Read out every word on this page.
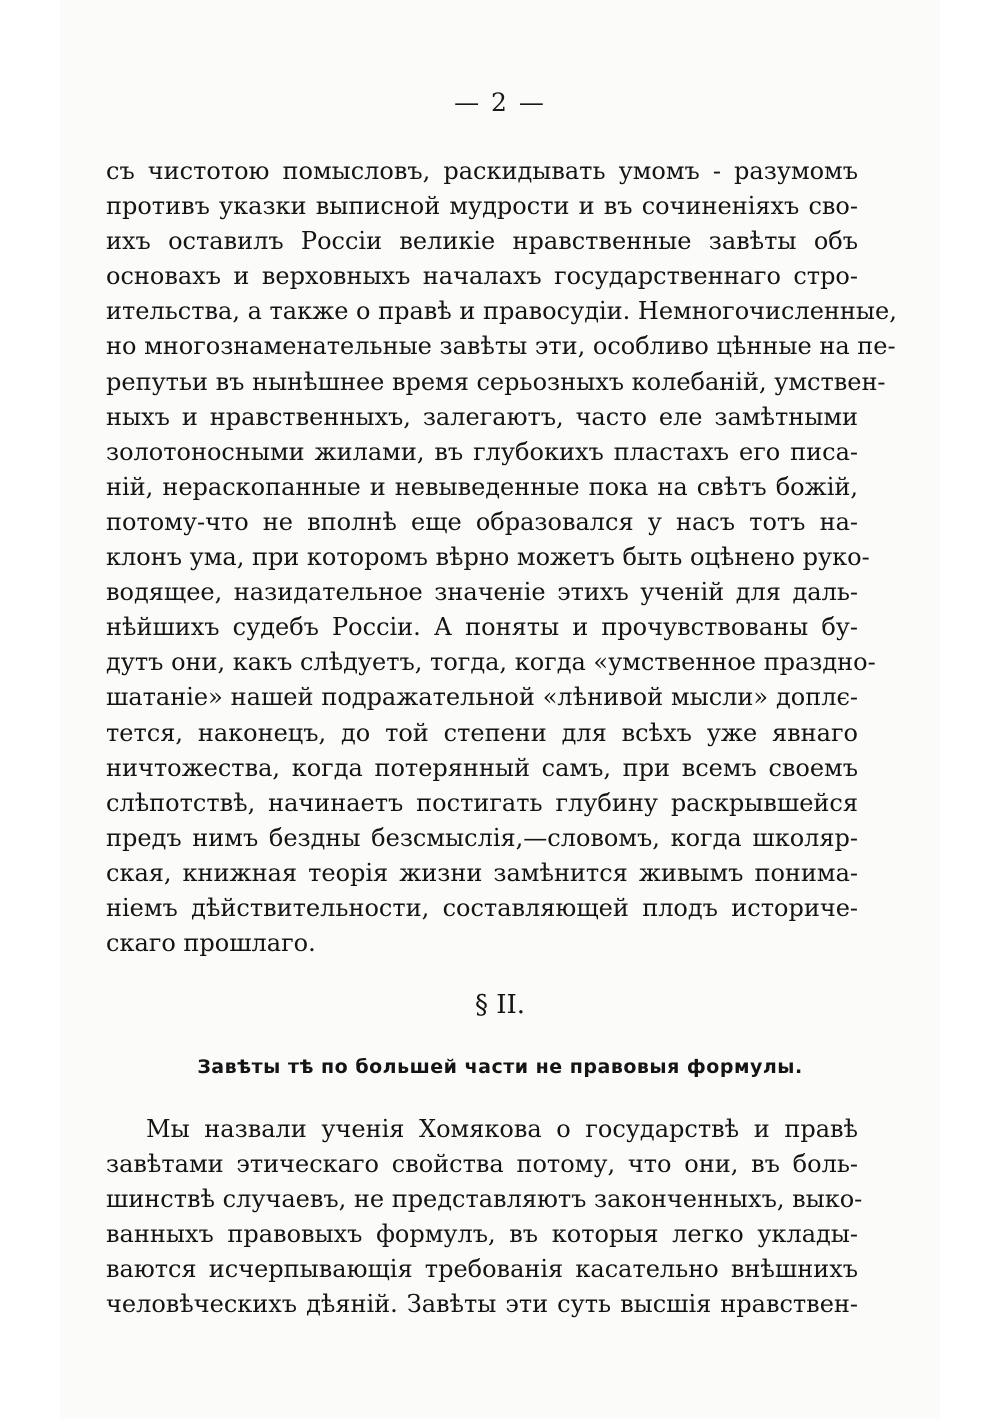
— 2 —
съ чистотою помысловъ, раскидывать умомъ - разумомъ
противъ указки выписной мудрости и въ сочиненіяхъ сво-
ихъ оставилъ Россіи великіе нравственные завѣты объ
основахъ и верховныхъ началахъ государственнаго стро-
ительства, а также о правѣ и правосудіи. Немногочисленные,
но многознаменательные завѣты эти, особливо цѣнные на пе-
репутьи въ нынѣшнее время серьозныхъ колебаній, умствен-
ныхъ и нравственныхъ, залегаютъ, часто еле замѣтными
золотоносными жилами, въ глубокихъ пластахъ его писа-
ній, нераскопанные и невыведенные пока на свѣтъ божій,
потому-что не вполнѣ еще образовался у насъ тотъ на-
клонъ ума, при которомъ вѣрно можетъ быть оцѣнено руко-
водящее, назидательное значеніе этихъ ученій для даль-
нѣйшихъ судебъ Россіи. А поняты и прочувствованы бу-
дутъ они, какъ слѣдуетъ, тогда, когда «умственное праздно-
шатаніе» нашей подражательной «лѣнивой мысли» доплє-
тется, наконецъ, до той степени для всѣхъ уже явнаго
ничтожества, когда потерянный самъ, при всемъ своемъ
слѣпотствѣ, начинаетъ постигать глубину раскрывшейся
предъ нимъ бездны безсмыслія,—словомъ, когда школяр-
ская, книжная теорія жизни замѣнится живымъ понима-
ніемъ дѣйствительности, составляющей плодъ историче-
скаго прошлаго.
§ II.
Завѣты тѣ по большей части не правовыя формулы.
Мы назвали ученія Хомякова о государствѣ и правѣ
завѣтами этическаго свойства потому, что они, въ боль-
шинствѣ случаевъ, не представляютъ законченныхъ, выко-
ванныхъ правовыхъ формулъ, въ которыя легко уклады-
ваются исчерпывающія требованія касательно внѣшнихъ
человѣческихъ дѣяній. Завѣты эти суть высшія нравствен-
